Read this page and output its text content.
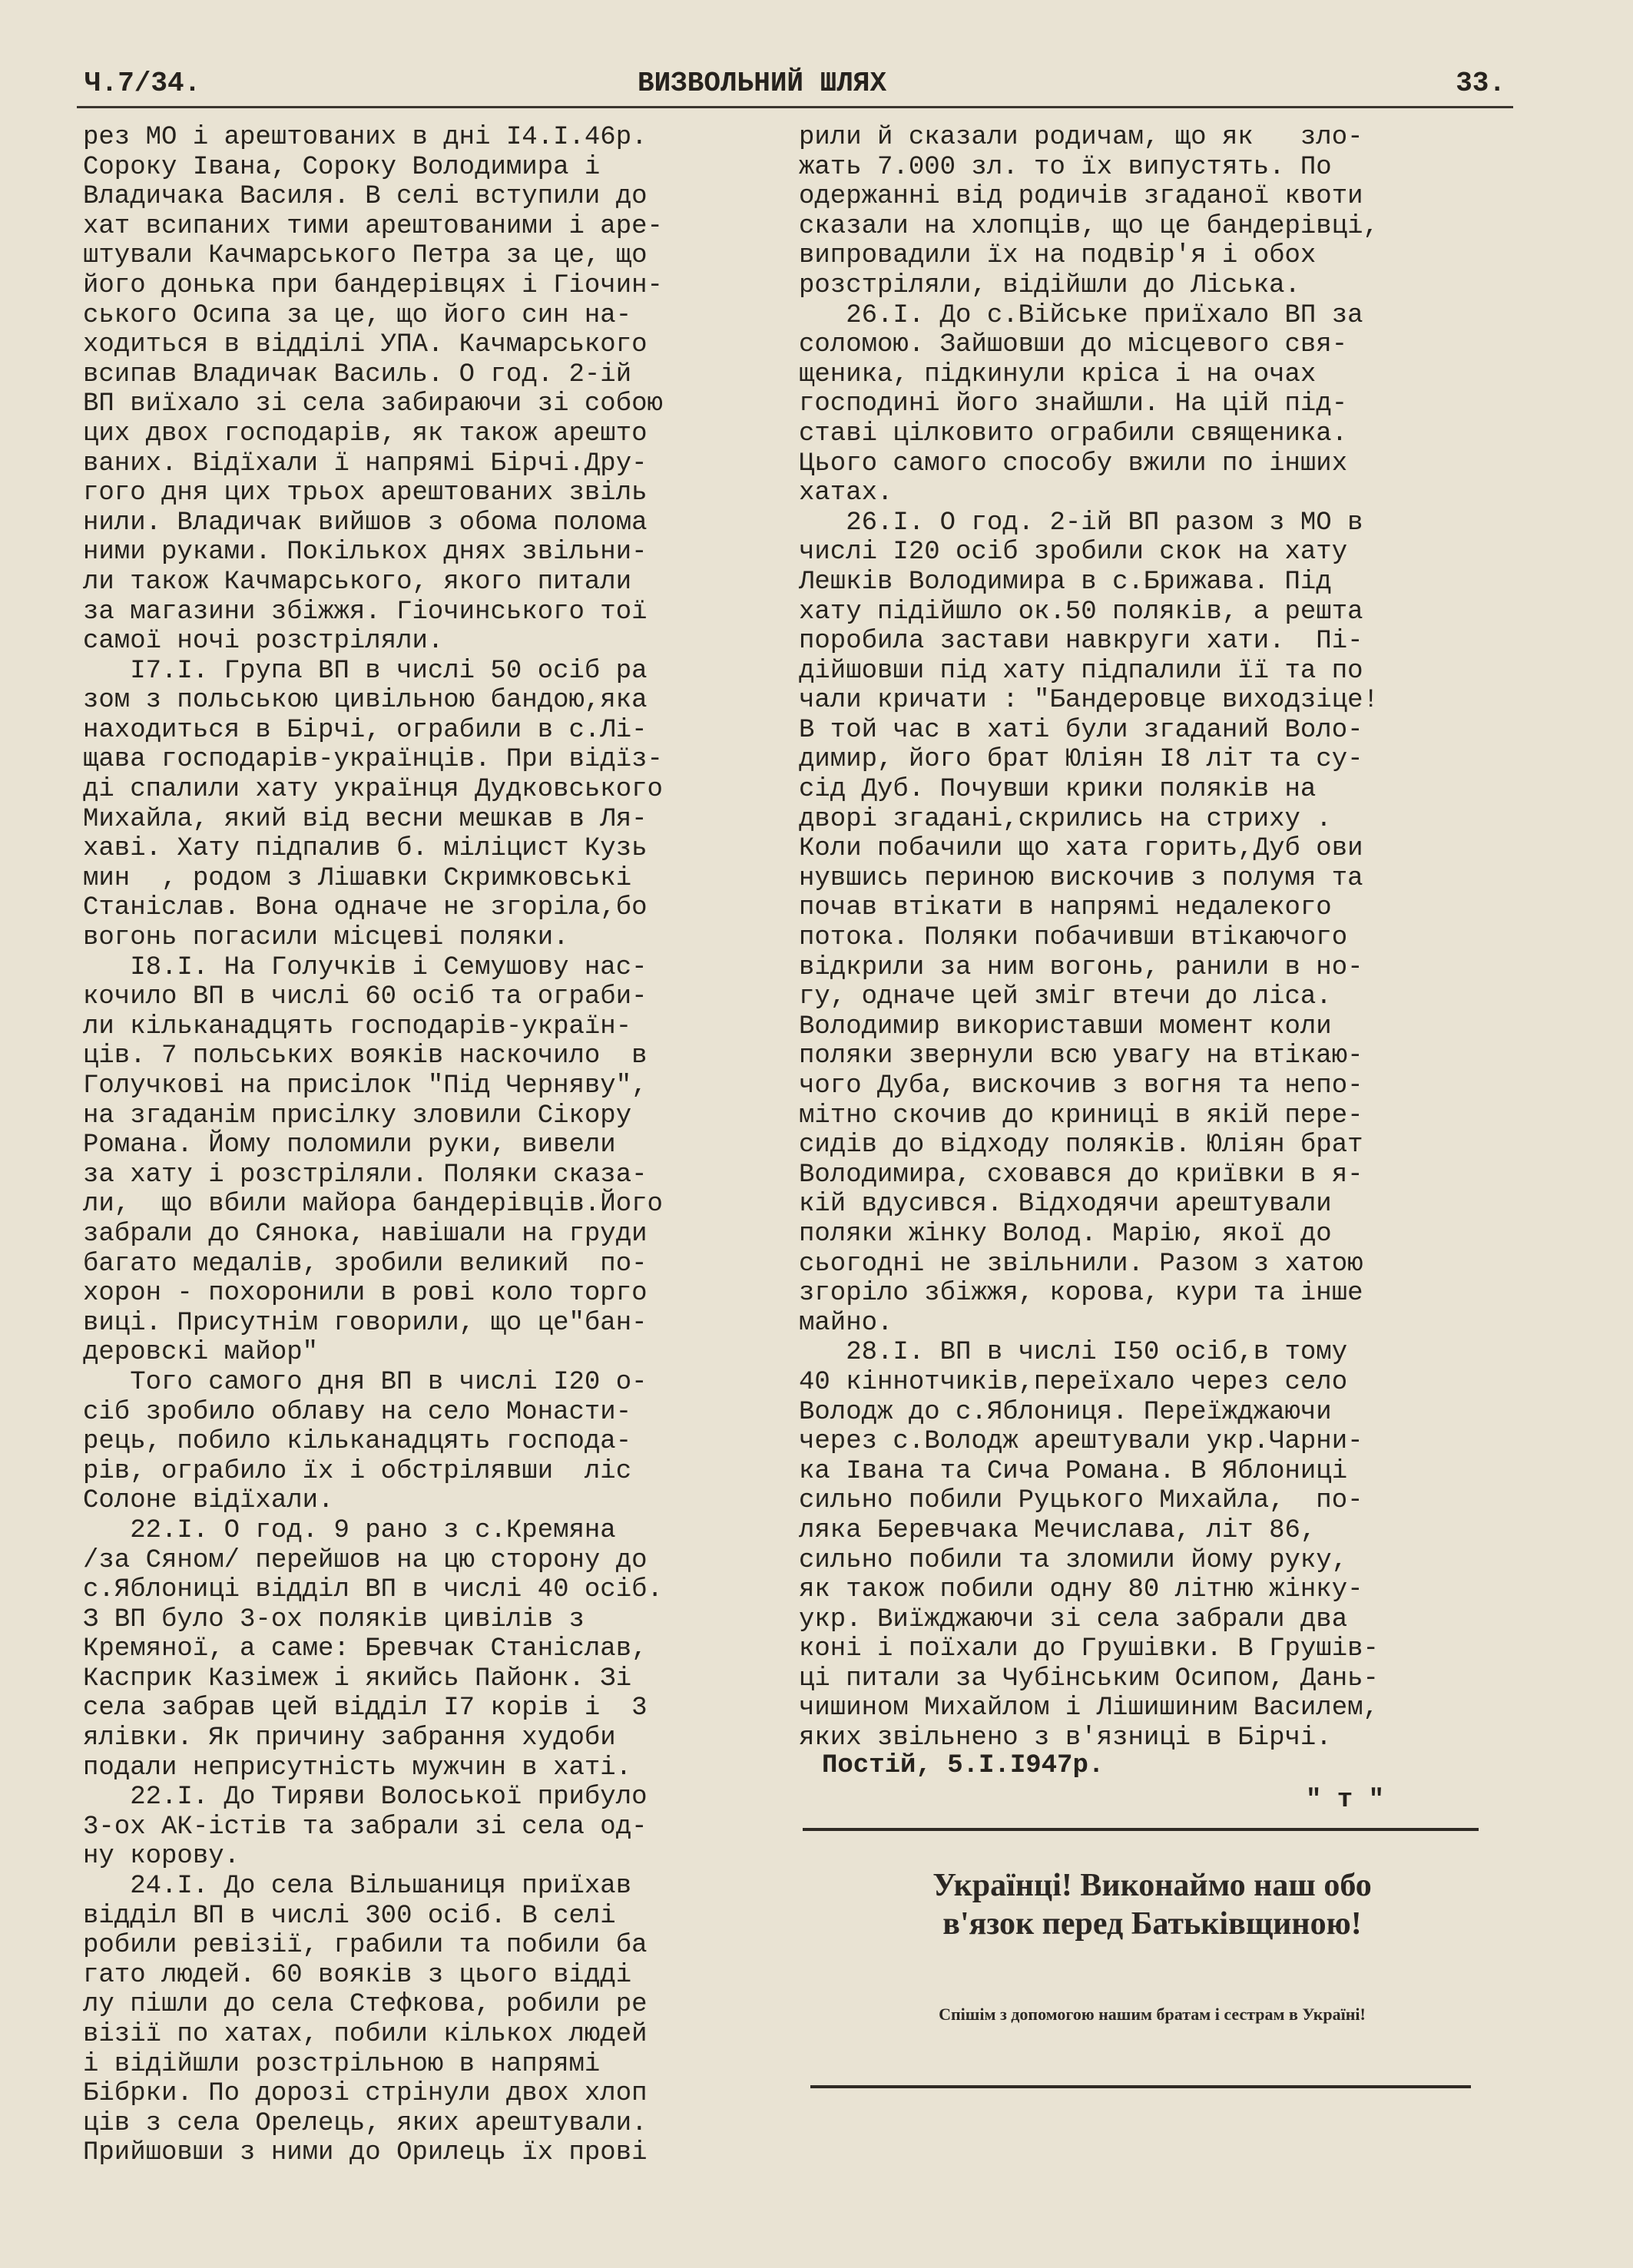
Ч.7/34.	ВИЗВОЛЬНИЙ ШЛЯХ	33.
рез МО і арештованих в дні І4.І.46р.
Сороку Івана, Сороку Володимира і
Владичака Василя. В селі вступили до
хат всипаних тими арештованими і аре-
штували Качмарського Петра за це, що
його донька при бандерівцях і Гіочин-
ського Осипа за це, що його син на-
ходиться в відділі УПА. Качмарського
всипав Владичак Василь. О год. 2-ій
ВП виїхало зі села забираючи зі собою
цих двох господарів, як також арешто
ваних. Відїхали ї напрямі Бірчі.Дру-
гого дня цих трьох арештованих звіль
нили. Владичак вийшов з обома полома
ними руками. Покількох днях звільни-
ли також Качмарського, якого питали
за магазини збіжжя. Гіочинського тої
самої ночі розстріляли.
І7.І. Група ВП в числі 50 осіб ра
зом з польською цивільною бандою,яка
находиться в Бірчі, ограбили в с.Лі-
щава господарів-українців. При відїз-
ді спалили хату українця Дудковського
Михайла, який від весни мешкав в Ля-
хаві. Хату підпалив б. міліцист Кузь
мин  , родом з Лішавки Скримковські
Станіслав. Вона одначе не згоріла,бо
вогонь погасили місцеві поляки.
І8.І. На Голучків і Семушову нас-
кочило ВП в числі 60 осіб та ограби-
ли кільканадцять господарів-україн-
ців. 7 польських вояків наскочило  в
Голучкові на присілок "Під Черняву",
на згаданім присілку зловили Сікору
Романа. Йому поломили руки, вивели
за хату і розстріляли. Поляки сказа-
ли,  що вбили майора бандерівців.Його
забрали до Сянока, навішали на груди
багато медалів, зробили великий  по-
хорон - похоронили в рові коло торго
виці. Присутнім говорили, що це"бан-
деровскі майор"
Того самого дня ВП в числі І20 о-
сіб зробило облаву на село Монасти-
рець, побило кільканадцять господа-
рів, ограбило їх і обстрілявши  ліс
Солоне відїхали.
22.І. О год. 9 рано з с.Кремяна
/за Сяном/ перейшов на цю сторону до
с.Яблониці відділ ВП в числі 40 осіб.
З ВП було 3-ох поляків цивілів з
Кремяної, а саме: Бревчак Станіслав,
Касприк Казімеж і якийсь Пайонк. Зі
села забрав цей відділ І7 корів і  3
ялівки. Як причину забрання худоби
подали неприсутність мужчин в хаті.
22.І. До Тиряви Волоської прибуло
3-ох АК-істів та забрали зі села од-
ну корову.
24.І. До села Вільшаниця приїхав
відділ ВП в числі 300 осіб. В селі
робили ревізії, грабили та побили ба
гато людей. 60 вояків з цього відді
лу пішли до села Стефкова, робили ре
візії по хатах, побили кількох людей
і відійшли розстрільною в напрямі
Бібрки. По дорозі стрінули двох хлоп
ців з села Орелець, яких арештували.
Прийшовши з ними до Орилець їх прові
рили й сказали родичам, що як   зло-
жать 7.000 зл. то їх випустять. По
одержанні від родичів згаданої квоти
сказали на хлопців, що це бандерівці,
випровадили їх на подвір'я і обох
розстріляли, відійшли до Ліська.
26.І. До с.Війське приїхало ВП за
соломою. Зайшовши до місцевого свя-
щеника, підкинули кріса і на очах
господині його знайшли. На цій під-
ставі цілковито ограбили священика.
Цього самого способу вжили по інших
хатах.
26.І. О год. 2-ій ВП разом з МО в
числі І20 осіб зробили скок на хату
Лешків Володимира в с.Брижава. Під
хату підійшло ок.50 поляків, а решта
поробила застави навкруги хати.  Пі-
дійшовши під хату підпалили її та по
чали кричати : "Бандеровце виходзіце!
В той час в хаті були згаданий Воло-
димир, його брат Юліян І8 літ та су-
сід Дуб. Почувши крики поляків на
дворі згадані,скрились на стриху .
Коли побачили що хата горить,Дуб ови
нувшись периною вискочив з полумя та
почав втікати в напрямі недалекого
потока. Поляки побачивши втікаючого
відкрили за ним вогонь, ранили в но-
гу, одначе цей зміг втечи до ліса.
Володимир використавши момент коли
поляки звернули всю увагу на втікаю-
чого Дуба, вискочив з вогня та непо-
мітно скочив до криниці в якій пере-
сидів до відходу поляків. Юліян брат
Володимира, сховався до криївки в я-
кій вдусився. Відходячи арештували
поляки жінку Волод. Марію, якої до
сьогодні не звільнили. Разом з хатою
згоріло збіжжя, корова, кури та інше
майно.
28.І. ВП в числі І50 осіб,в тому
40 кіннотчиків,переїхало через село
Володж до с.Яблониця. Переїжджаючи
через с.Володж арештували укр.Чарни-
ка Івана та Сича Романа. В Яблониці
сильно побили Руцького Михайла,  по-
ляка Беревчака Мечислава, літ 86,
сильно побили та зломили йому руку,
як також побили одну 80 літню жінку-
укр. Виїжджаючи зі села забрали два
коні і поїхали до Грушівки. В Грушів-
ці питали за Чубінським Осипом, Дань-
чишином Михайлом і Лішишиним Василем,
яких звільнено з в'язниці в Бірчі.
Постій, 5.І.І947р.
" т "
Українці! Виконаймо наш обо
в'язок перед Батьківщиною!
Спішім з допомогою нашим братам і сестрам в Україні!
